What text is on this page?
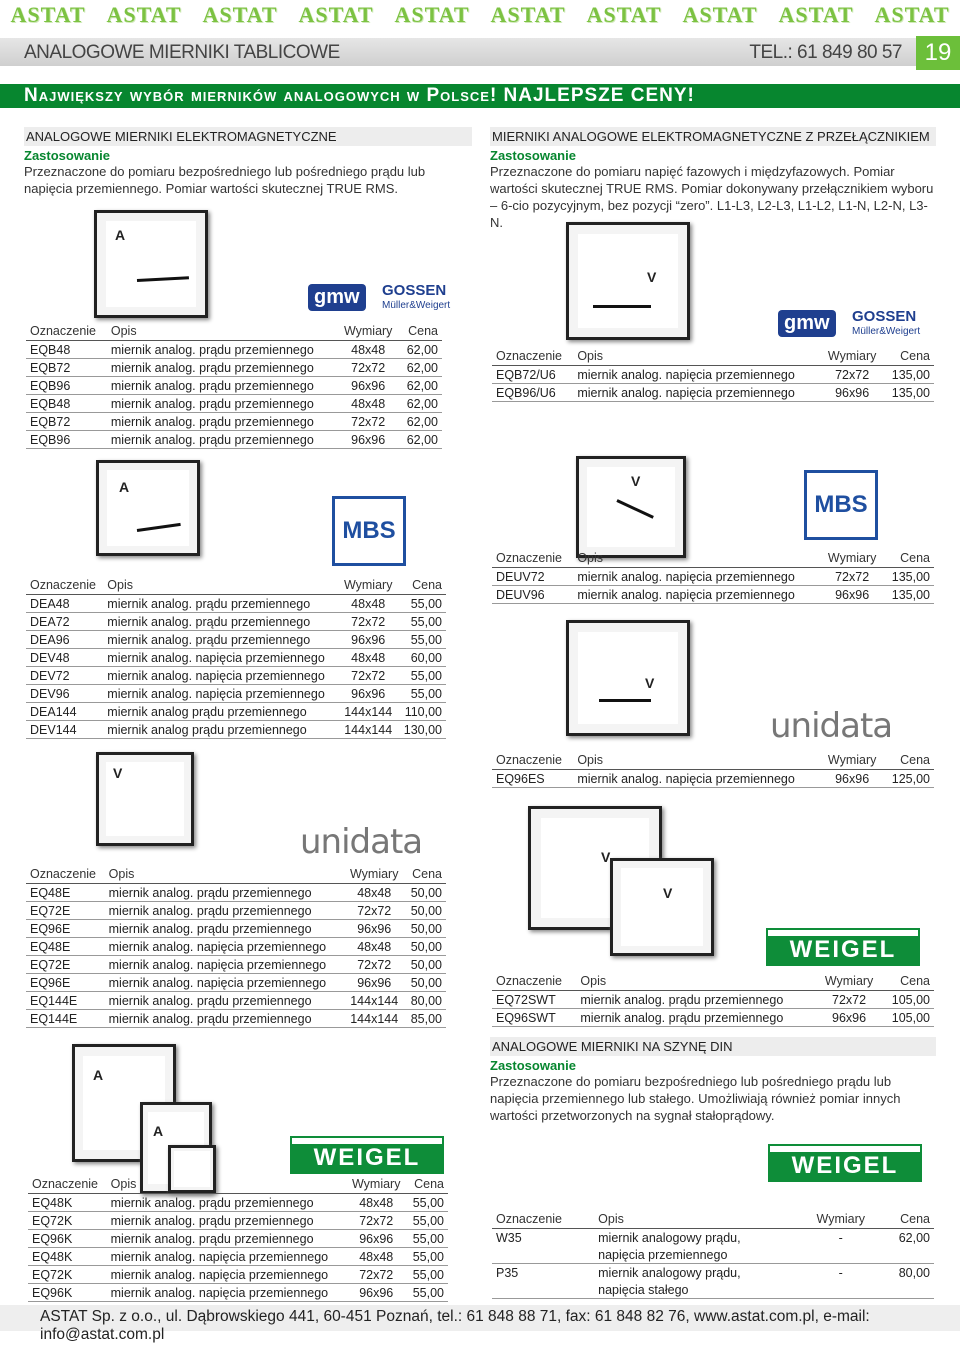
ASTAT ASTAT ASTAT ASTAT ASTAT ASTAT ASTAT ASTAT ASTAT ASTAT
ANALOGOWE MIERNIKI TABLICOWE	TEL.: 61 849 80 57 19
Największy wybór mierników analogowych w Polsce! NAJLEPSZE CENY!
ANALOGOWE MIERNIKI ELEKTROMAGNETYCZNE
Zastosowanie
Przeznaczone do pomiaru bezpośredniego lub pośredniego prądu lub napięcia przemiennego. Pomiar wartości skutecznej TRUE RMS.
MIERNIKI ANALOGOWE ELEKTROMAGNETYCZNE Z PRZEŁĄCZNIKIEM
Zastosowanie
Przeznaczone do pomiaru napięć fazowych i międzyfazowych. Pomiar wartości skutecznej TRUE RMS. Pomiar dokonywany przełącznikiem wyboru – 6-cio pozycyjnym, bez pozycji “zero”. L1-L3, L2-L3, L1-L2, L1-N, L2-N, L3-N.
ANALOGOWE MIERNIKI NA SZYNĘ DIN
Zastosowanie
Przeznaczone do pomiaru bezpośredniego lub pośredniego prądu lub napięcia przemiennego lub stałego. Umożliwiają również pomiar innych wartości przetworzonych na sygnał stałoprądowy.
A
V
A	V
V
V
V
V
A
A
gmw	GOSSEN
Müller&Weigert
gmw	GOSSEN
Müller&Weigert
MBS
MBS
unidata
unidata
WEIGEL
WEIGEL	WEIGEL
Oznaczenie	Opis	Wymiary	Cena
EQB48	miernik analog. prądu przemiennego	48x48	62,00
EQB72	miernik analog. prądu przemiennego	72x72	62,00
EQB96	miernik analog. prądu przemiennego	96x96	62,00
EQB48	miernik analog. prądu przemiennego	48x48	62,00
EQB72	miernik analog. prądu przemiennego	72x72	62,00
EQB96	miernik analog. prądu przemiennego	96x96	62,00
Oznaczenie	Opis	Wymiary	Cena
EQB72/U6	miernik analog. napięcia przemiennego	72x72	135,00
EQB96/U6	miernik analog. napięcia przemiennego	96x96	135,00
Oznaczenie	Opis	Wymiary	Cena
DEA48	miernik analog. prądu przemiennego	48x48	55,00
DEA72	miernik analog. prądu przemiennego	72x72	55,00
DEA96	miernik analog. prądu przemiennego	96x96	55,00
DEV48	miernik analog. napięcia przemiennego	48x48	60,00
DEV72	miernik analog. napięcia przemiennego	72x72	55,00
DEV96	miernik analog. napięcia przemiennego	96x96	55,00
DEA144	miernik analog prądu przemiennego	144x144	110,00
DEV144	miernik analog prądu przemiennego	144x144	130,00
Oznaczenie	Opis	Wymiary	Cena
DEUV72	miernik analog. napięcia przemiennego	72x72	135,00
DEUV96	miernik analog. napięcia przemiennego	96x96	135,00
Oznaczenie	Opis	Wymiary	Cena
EQ96ES	miernik analog. napięcia przemiennego	96x96	125,00
Oznaczenie	Opis	Wymiary	Cena
EQ48E	miernik analog. prądu przemiennego	48x48	50,00
EQ72E	miernik analog. prądu przemiennego	72x72	50,00
EQ96E	miernik analog. prądu przemiennego	96x96	50,00
EQ48E	miernik analog. napięcia przemiennego	48x48	50,00
EQ72E	miernik analog. napięcia przemiennego	72x72	50,00
EQ96E	miernik analog. napięcia przemiennego	96x96	50,00
EQ144E	miernik analog. prądu przemiennego	144x144	80,00
EQ144E	miernik analog. prądu przemiennego	144x144	85,00
Oznaczenie	Opis	Wymiary	Cena
EQ72SWT	miernik analog. prądu przemiennego	72x72	105,00
EQ96SWT	miernik analog. prądu przemiennego	96x96	105,00
Oznaczenie	Opis	Wymiary	Cena
EQ48K	miernik analog. prądu przemiennego	48x48	55,00
EQ72K	miernik analog. prądu przemiennego	72x72	55,00
EQ96K	miernik analog. prądu przemiennego	96x96	55,00
EQ48K	miernik analog. napięcia przemiennego	48x48	55,00
EQ72K	miernik analog. napięcia przemiennego	72x72	55,00
EQ96K	miernik analog. napięcia przemiennego	96x96	55,00
Oznaczenie	Opis	Wymiary	Cena
W35	miernik analogowy prądu,	-	62,00
	napięcia przemiennego		
P35	miernik analogowy prądu,	-	80,00
	napięcia stałego		
ASTAT Sp. z o.o., ul. Dąbrowskiego 441, 60-451 Poznań, tel.: 61 848 88 71, fax: 61 848 82 76, www.astat.com.pl, e-mail: info@astat.com.pl
